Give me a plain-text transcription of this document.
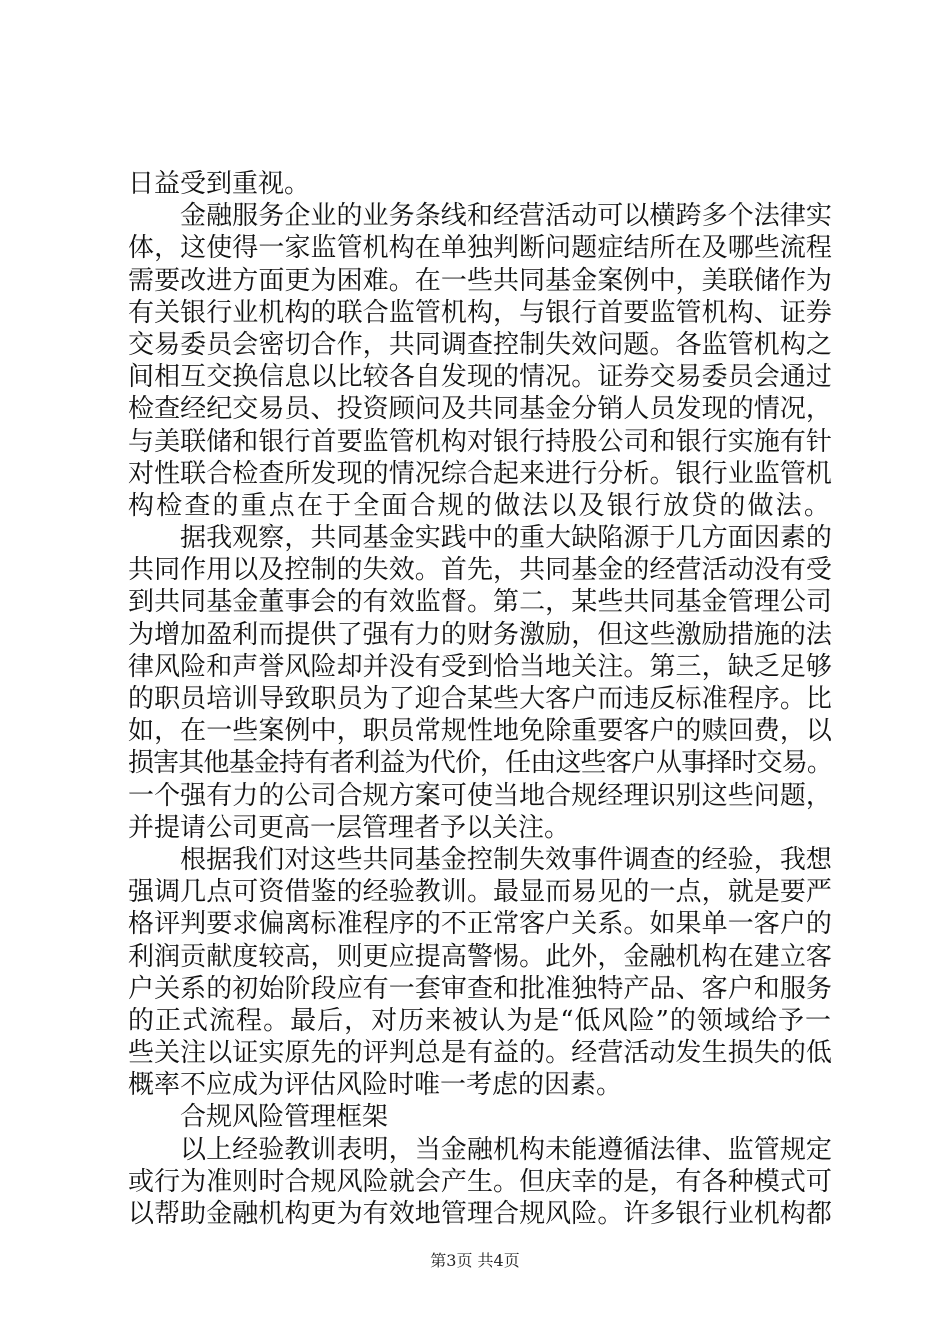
日益受到重视。
金融服务企业的业务条线和经营活动可以横跨多个法律实
体，这使得一家监管机构在单独判断问题症结所在及哪些流程
需要改进方面更为困难。在一些共同基金案例中，美联储作为
有关银行业机构的联合监管机构，与银行首要监管机构、证券
交易委员会密切合作，共同调查控制失效问题。各监管机构之
间相互交换信息以比较各自发现的情况。证券交易委员会通过
检查经纪交易员、投资顾问及共同基金分销人员发现的情况，
与美联储和银行首要监管机构对银行持股公司和银行实施有针
对性联合检查所发现的情况综合起来进行分析。银行业监管机
构检查的重点在于全面合规的做法以及银行放贷的做法。
据我观察，共同基金实践中的重大缺陷源于几方面因素的
共同作用以及控制的失效。首先，共同基金的经营活动没有受
到共同基金董事会的有效监督。第二，某些共同基金管理公司
为增加盈利而提供了强有力的财务激励，但这些激励措施的法
律风险和声誉风险却并没有受到恰当地关注。第三，缺乏足够
的职员培训导致职员为了迎合某些大客户而违反标准程序。比
如，在一些案例中，职员常规性地免除重要客户的赎回费，以
损害其他基金持有者利益为代价，任由这些客户从事择时交易。
一个强有力的公司合规方案可使当地合规经理识别这些问题，
并提请公司更高一层管理者予以关注。
根据我们对这些共同基金控制失效事件调查的经验，我想
强调几点可资借鉴的经验教训。最显而易见的一点，就是要严
格评判要求偏离标准程序的不正常客户关系。如果单一客户的
利润贡献度较高，则更应提高警惕。此外，金融机构在建立客
户关系的初始阶段应有一套审查和批准独特产品、客户和服务
的正式流程。最后，对历来被认为是“低风险”的领域给予一
些关注以证实原先的评判总是有益的。经营活动发生损失的低
概率不应成为评估风险时唯一考虑的因素。
合规风险管理框架
以上经验教训表明，当金融机构未能遵循法律、监管规定
或行为准则时合规风险就会产生。但庆幸的是，有各种模式可
以帮助金融机构更为有效地管理合规风险。许多银行业机构都
第3页 共4页
